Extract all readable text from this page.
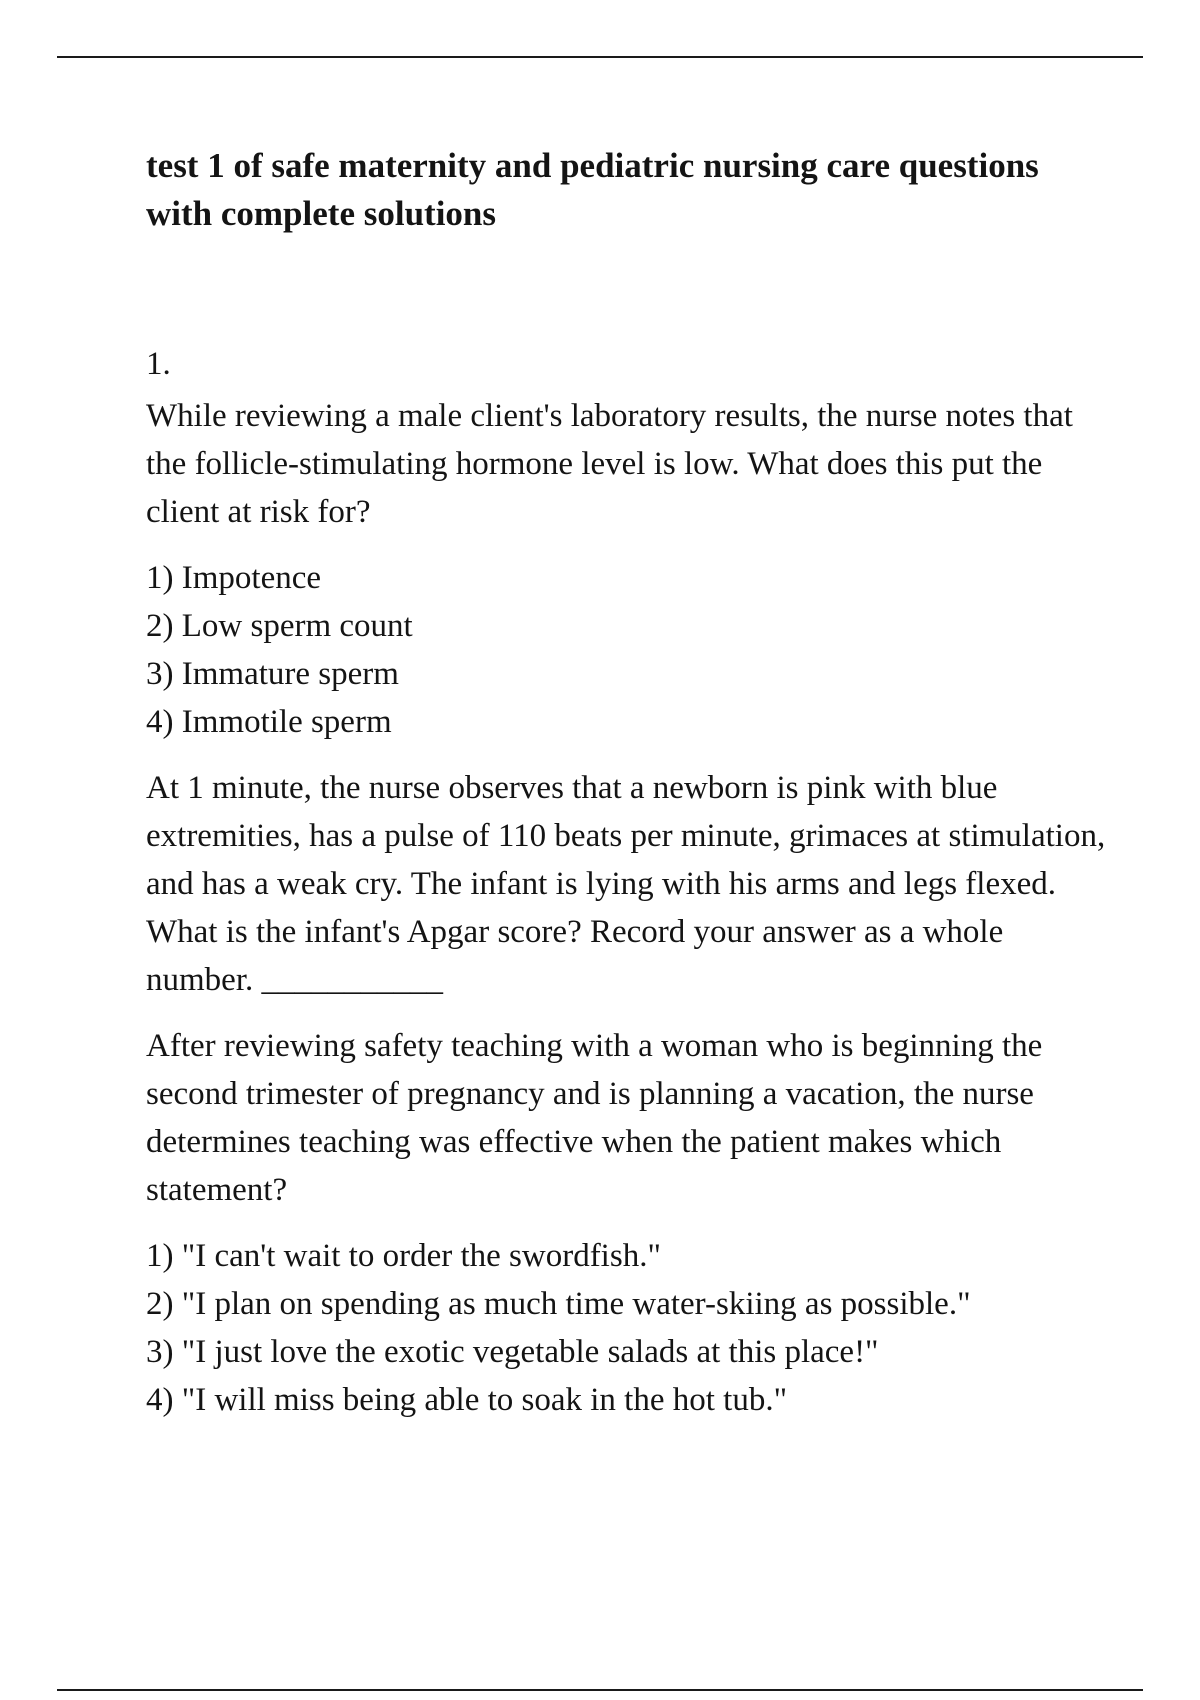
test 1 of safe maternity and pediatric nursing care questions with complete solutions
1.

While reviewing a male client's laboratory results, the nurse notes that the follicle-stimulating hormone level is low. What does this put the client at risk for?

1) Impotence
2) Low sperm count
3) Immature sperm
4) Immotile sperm

At 1 minute, the nurse observes that a newborn is pink with blue extremities, has a pulse of 110 beats per minute, grimaces at stimulation, and has a weak cry. The infant is lying with his arms and legs flexed. What is the infant's Apgar score? Record your answer as a whole number. ___________

After reviewing safety teaching with a woman who is beginning the second trimester of pregnancy and is planning a vacation, the nurse determines teaching was effective when the patient makes which statement?

1) "I can't wait to order the swordfish."
2) "I plan on spending as much time water-skiing as possible."
3) "I just love the exotic vegetable salads at this place!"
4) "I will miss being able to soak in the hot tub."
